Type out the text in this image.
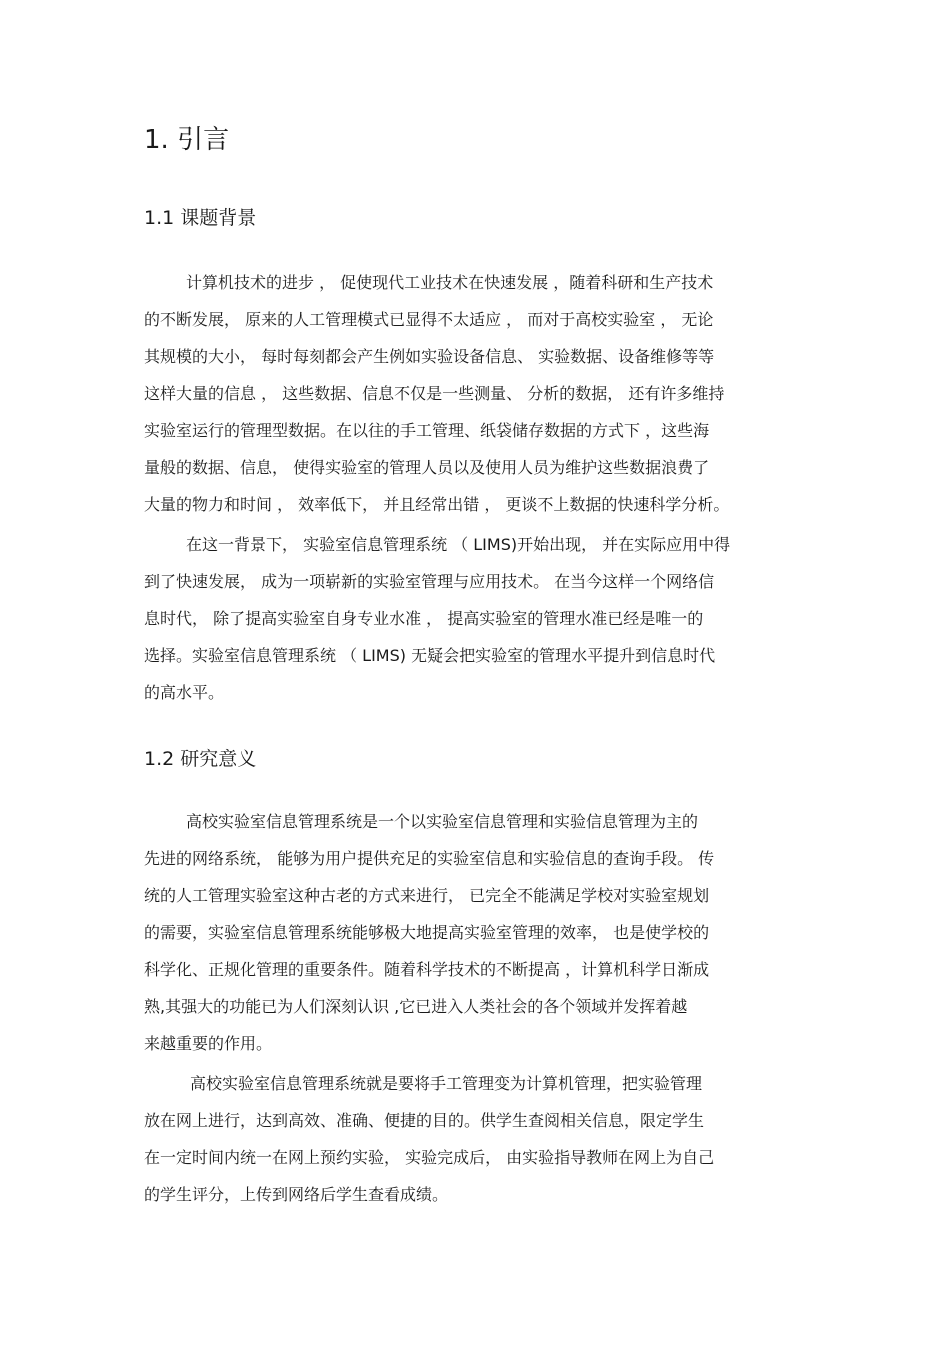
1. 引言
1.1 课题背景

计算机技术的进步 ， 促使现代工业技术在快速发展 ，随着科研和生产技术

的不断发展， 原来的人工管理模式已显得不太适应 ， 而对于高校实验室 ， 无论

其规模的大小， 每时每刻都会产生例如实验设备信息、 实验数据、设备维修等等

这样大量的信息 ， 这些数据、信息不仅是一些测量、 分析的数据， 还有许多维持

实验室运行的管理型数据。在以往的手工管理、纸袋储存数据的方式下 ，这些海

量般的数据、信息， 使得实验室的管理人员以及使用人员为维护这些数据浪费了

大量的物力和时间 ， 效率低下， 并且经常出错 ， 更谈不上数据的快速科学分析。

在这一背景下， 实验室信息管理系统 （ LIMS)开始出现， 并在实际应用中得

到了快速发展， 成为一项崭新的实验室管理与应用技术。 在当今这样一个网络信

息时代， 除了提高实验室自身专业水准 ， 提高实验室的管理水准已经是唯一的

选择。实验室信息管理系统 （ LIMS) 无疑会把实验室的管理水平提升到信息时代

的高水平。

1.2 研究意义

高校实验室信息管理系统是一个以实验室信息管理和实验信息管理为主的

先进的网络系统， 能够为用户提供充足的实验室信息和实验信息的查询手段。 传

统的人工管理实验室这种古老的方式来进行， 已完全不能满足学校对实验室规划

的需要，实验室信息管理系统能够极大地提高实验室管理的效率， 也是使学校的

科学化、正规化管理的重要条件。随着科学技术的不断提高 ，计算机科学日渐成

熟,其强大的功能已为人们深刻认识 ,它已进入人类社会的各个领域并发挥着越

来越重要的作用。

高校实验室信息管理系统就是要将手工管理变为计算机管理，把实验管理

放在网上进行，达到高效、准确、便捷的目的。供学生查阅相关信息，限定学生

在一定时间内统一在网上预约实验， 实验完成后， 由实验指导教师在网上为自己

的学生评分，上传到网络后学生查看成绩。
